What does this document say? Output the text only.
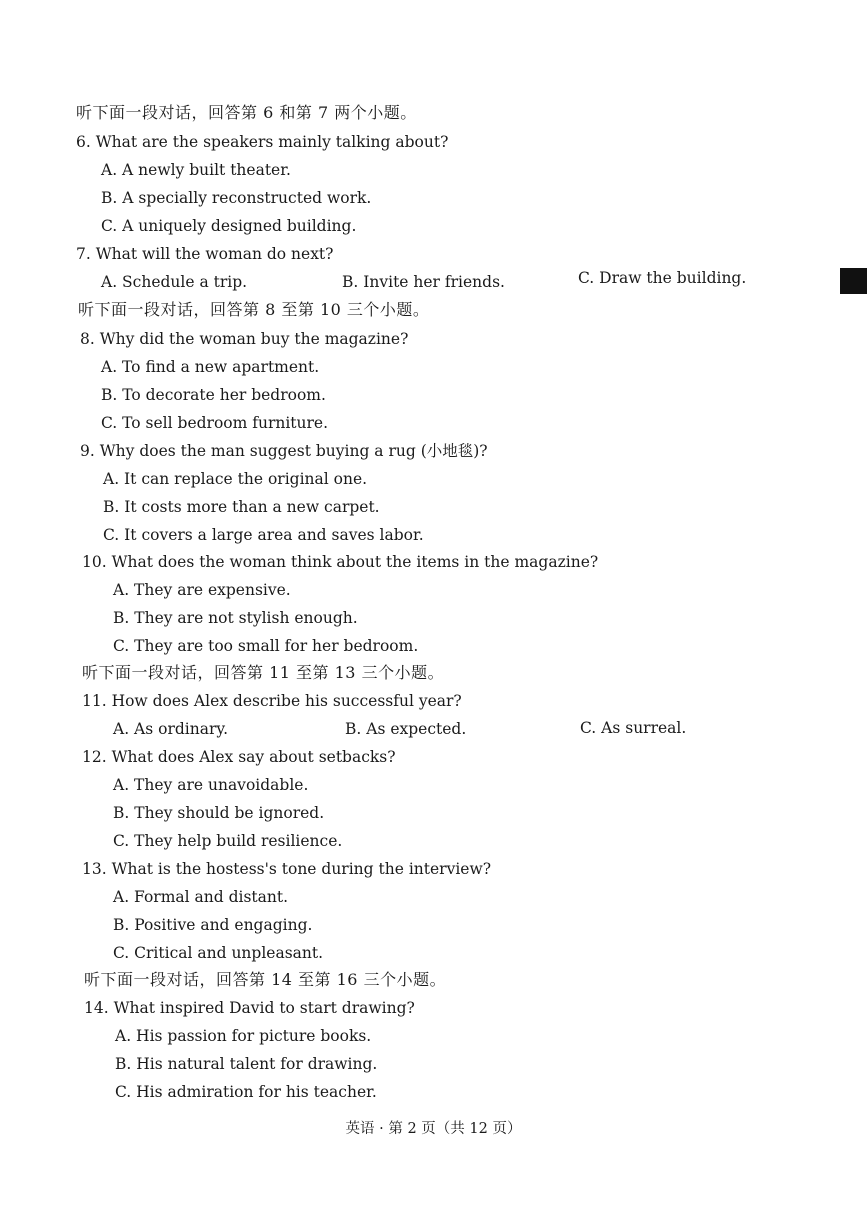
听下面一段对话，回答第 6 和第 7 两个小题。
6. What are the speakers mainly talking about?
A. A newly built theater.
B. A specially reconstructed work.
C. A uniquely designed building.
7. What will the woman do next?
A. Schedule a trip.	B. Invite her friends.	C. Draw the building.
听下面一段对话，回答第 8 至第 10 三个小题。
8. Why did the woman buy the magazine?
A. To find a new apartment.
B. To decorate her bedroom.
C. To sell bedroom furniture.
9. Why does the man suggest buying a rug (小地毯)?
A. It can replace the original one.
B. It costs more than a new carpet.
C. It covers a large area and saves labor.
10. What does the woman think about the items in the magazine?
A. They are expensive.
B. They are not stylish enough.
C. They are too small for her bedroom.
听下面一段对话，回答第 11 至第 13 三个小题。
11. How does Alex describe his successful year?
A. As ordinary.	B. As expected.	C. As surreal.
12. What does Alex say about setbacks?
A. They are unavoidable.
B. They should be ignored.
C. They help build resilience.
13. What is the hostess's tone during the interview?
A. Formal and distant.
B. Positive and engaging.
C. Critical and unpleasant.
听下面一段对话，回答第 14 至第 16 三个小题。
14. What inspired David to start drawing?
A. His passion for picture books.
B. His natural talent for drawing.
C. His admiration for his teacher.
英语 · 第 2 页（共 12 页）
